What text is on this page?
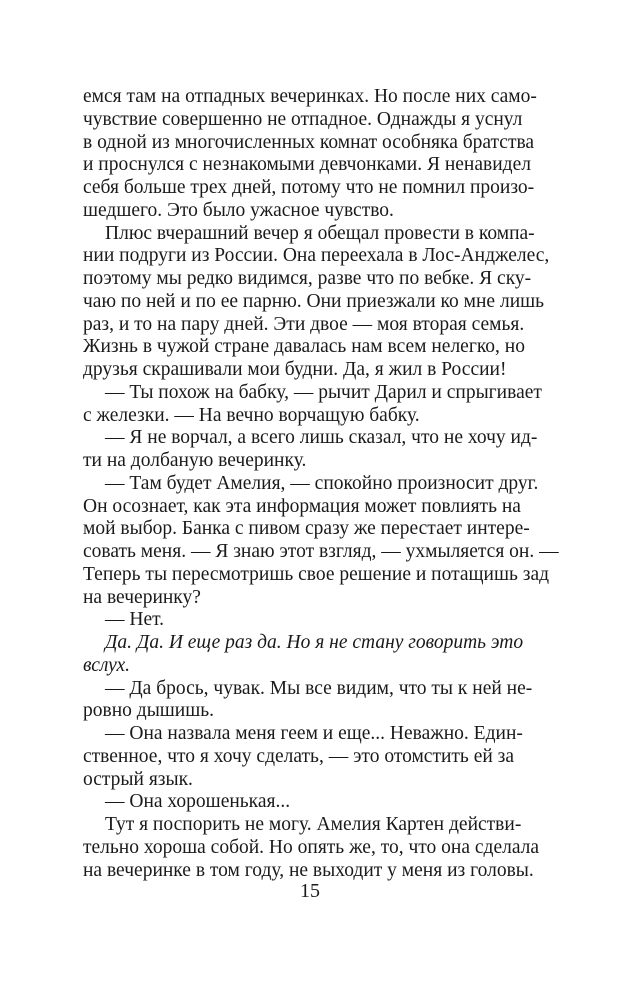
емся там на отпадных вечеринках. Но после них само-
чувствие совершенно не отпадное. Однажды я уснул
в одной из многочисленных комнат особняка братства
и проснулся с незнакомыми девчонками. Я ненавидел
себя больше трех дней, потому что не помнил произо-
шедшего. Это было ужасное чувство.
Плюс вчерашний вечер я обещал провести в компа-
нии подруги из России. Она переехала в Лос-Анджелес,
поэтому мы редко видимся, разве что по вебке. Я ску-
чаю по ней и по ее парню. Они приезжали ко мне лишь
раз, и то на пару дней. Эти двое — моя вторая семья.
Жизнь в чужой стране давалась нам всем нелегко, но
друзья скрашивали мои будни. Да, я жил в России!
— Ты похож на бабку, — рычит Дарил и спрыгивает
с железки. — На вечно ворчащую бабку.
— Я не ворчал, а всего лишь сказал, что не хочу ид-
ти на долбаную вечеринку.
— Там будет Амелия, — спокойно произносит друг.
Он осознает, как эта информация может повлиять на
мой выбор. Банка с пивом сразу же перестает интере-
совать меня. — Я знаю этот взгляд, — ухмыляется он. —
Теперь ты пересмотришь свое решение и потащишь зад
на вечеринку?
— Нет.
Да. Да. И еще раз да. Но я не стану говорить это
вслух.
— Да брось, чувак. Мы все видим, что ты к ней не-
ровно дышишь.
— Она назвала меня геем и еще... Неважно. Един-
ственное, что я хочу сделать, — это отомстить ей за
острый язык.
— Она хорошенькая...
Тут я поспорить не могу. Амелия Картен действи-
тельно хороша собой. Но опять же, то, что она сделала
на вечеринке в том году, не выходит у меня из головы.
15
